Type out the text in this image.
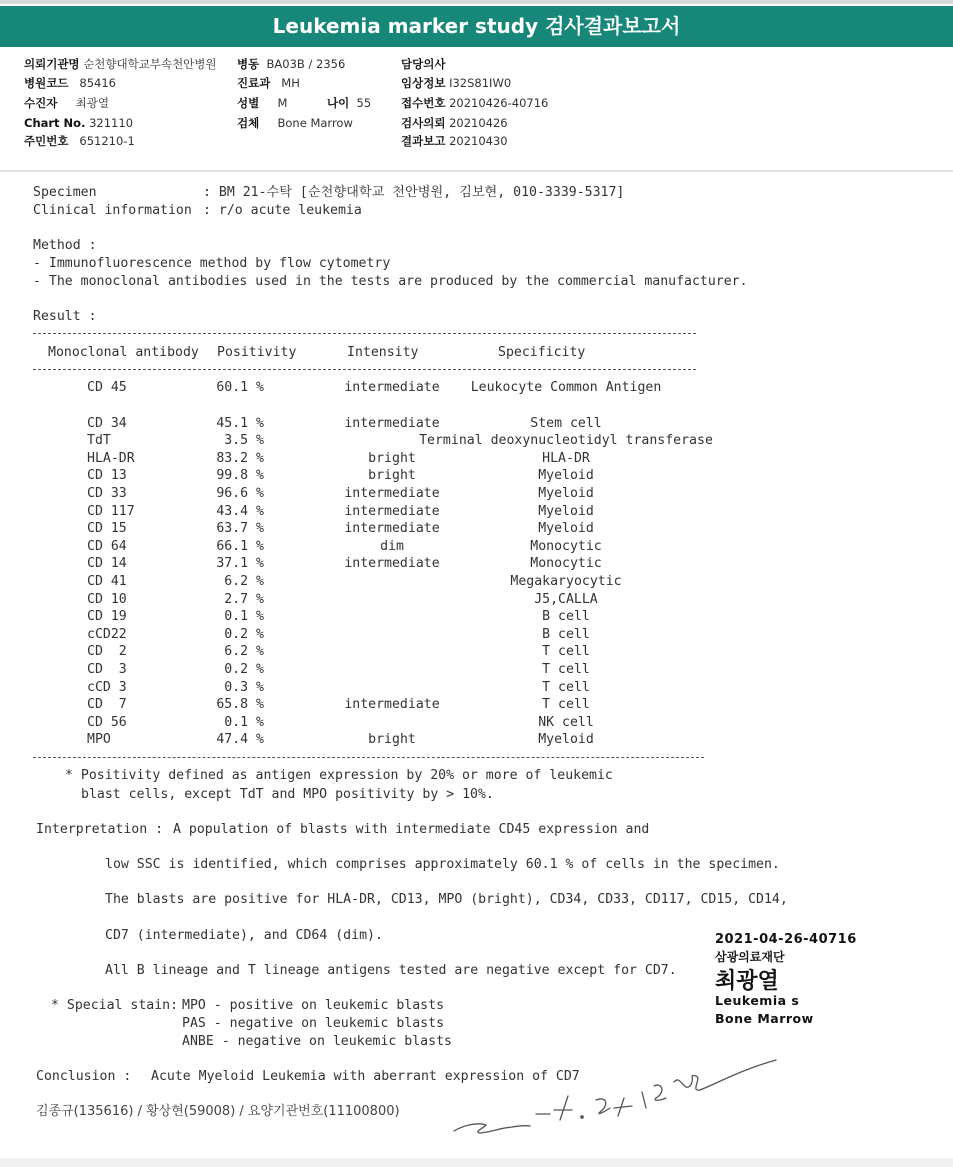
Leukemia marker study 검사결과보고서
의뢰기관명 순천향대학교부속천안병원
병원코드 85416
수진자 최광열
Chart No. 321110
주민번호 651210-1
병동 BA03B / 2356
진료과 MH
성별 M	나이 55
검체 Bone Marrow
담당의사
임상정보 I32S81IW0
접수번호 20210426-40716
검사의뢰 20210426
결과보고 20210430
Specimen	: BM 21-수탁 [순천향대학교 천안병원, 김보현, 010-3339-5317]
Clinical information : r/o acute leukemia
Method :
- Immunofluorescence method by flow cytometry
- The monoclonal antibodies used in the tests are produced by the commercial manufacturer.
Result :
Monoclonal antibody Positivity	Intensity	Specificity
CD 45	60.1 %	intermediate Leukocyte Common Antigen
CD 34	45.1 %	intermediate	Stem cell
TdT	3.5 %	Terminal deoxynucleotidyl transferase
HLA-DR	83.2 %	bright	HLA-DR
CD 13	99.8 %	bright	Myeloid
CD 33	96.6 %	intermediate	Myeloid
CD 117	43.4 %	intermediate	Myeloid
CD 15	63.7 %	intermediate	Myeloid
CD 64	66.1 %	dim	Monocytic
CD 14	37.1 %	intermediate	Monocytic
CD 41	6.2 %	Megakaryocytic
CD 10	2.7 %	J5,CALLA
CD 19	0.1 %	B cell
cCD22	0.2 %	B cell
CD  2	6.2 %	T cell
CD  3	0.2 %	T cell
cCD 3	0.3 %	T cell
CD  7	65.8 %	intermediate	T cell
CD 56	0.1 %	NK cell
MPO	47.4 %	bright	Myeloid
* Positivity defined as antigen expression by 20% or more of leukemic
blast cells, except TdT and MPO positivity by > 10%.
Interpretation : A population of blasts with intermediate CD45 expression and
low SSC is identified, which comprises approximately 60.1 % of cells in the specimen.
The blasts are positive for HLA-DR, CD13, MPO (bright), CD34, CD33, CD117, CD15, CD14,
CD7 (intermediate), and CD64 (dim).
All B lineage and T lineage antigens tested are negative except for CD7.
* Special stain: MPO - positive on leukemic blasts
PAS - negative on leukemic blasts
ANBE - negative on leukemic blasts
Conclusion : Acute Myeloid Leukemia with aberrant expression of CD7
김종규(135616) / 황상현(59008) / 요양기관번호(11100800)
2021-04-26-40716
삼광의료재단
최광열
Leukemia s
Bone Marrow
